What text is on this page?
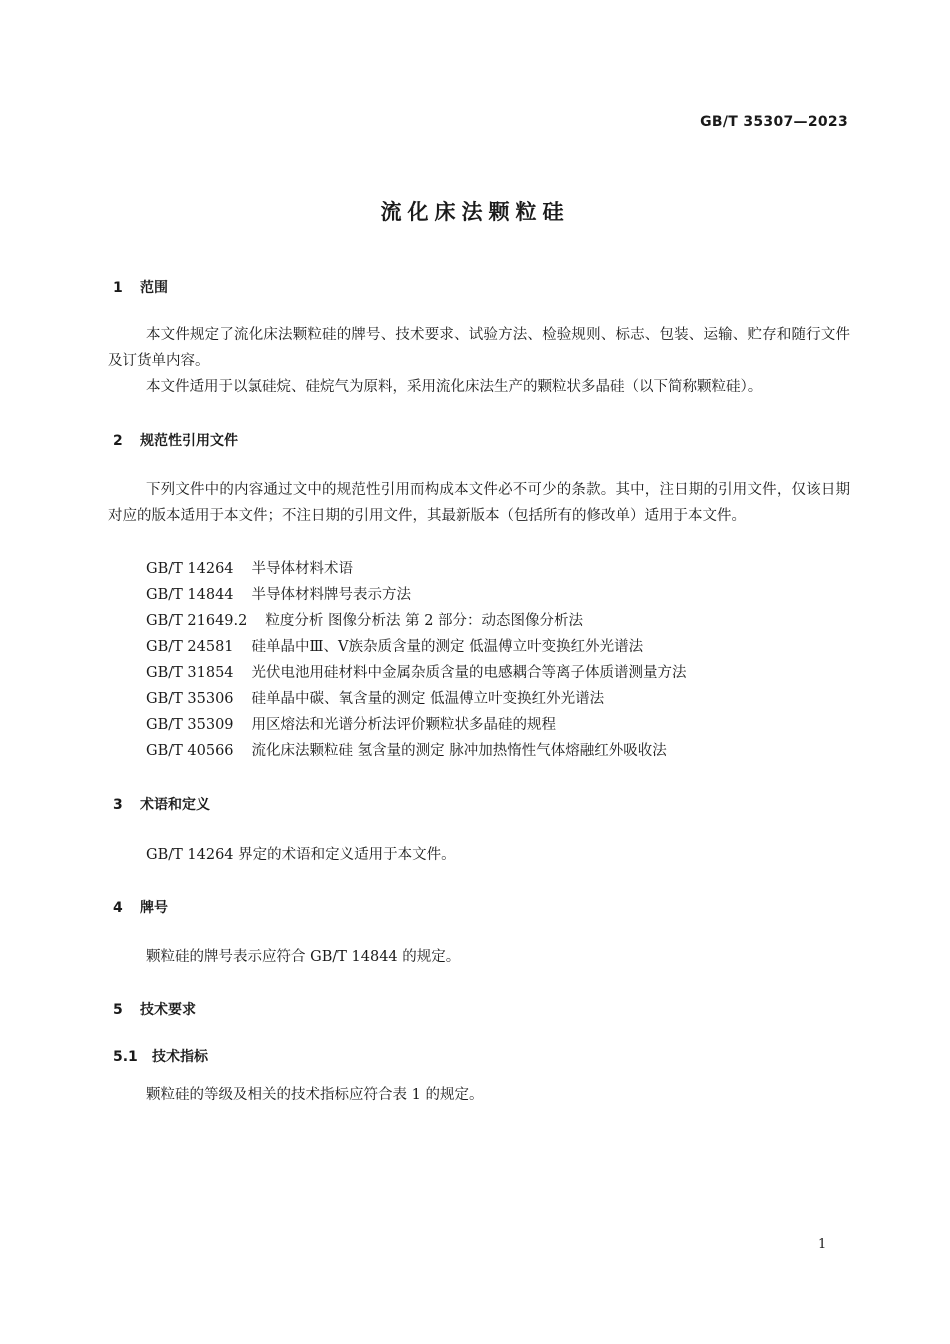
GB/T 35307—2023
流化床法颗粒硅
1 范围
本文件规定了流化床法颗粒硅的牌号、技术要求、试验方法、检验规则、标志、包装、运输、贮存和随行文件及订货单内容。
本文件适用于以氯硅烷、硅烷气为原料，采用流化床法生产的颗粒状多晶硅（以下简称颗粒硅）。
2 规范性引用文件
下列文件中的内容通过文中的规范性引用而构成本文件必不可少的条款。其中，注日期的引用文件，仅该日期对应的版本适用于本文件；不注日期的引用文件，其最新版本（包括所有的修改单）适用于本文件。
GB/T 14264 半导体材料术语
GB/T 14844 半导体材料牌号表示方法
GB/T 21649.2 粒度分析 图像分析法 第 2 部分：动态图像分析法
GB/T 24581 硅单晶中Ⅲ、Ⅴ族杂质含量的测定 低温傅立叶变换红外光谱法
GB/T 31854 光伏电池用硅材料中金属杂质含量的电感耦合等离子体质谱测量方法
GB/T 35306 硅单晶中碳、氧含量的测定 低温傅立叶变换红外光谱法
GB/T 35309 用区熔法和光谱分析法评价颗粒状多晶硅的规程
GB/T 40566 流化床法颗粒硅 氢含量的测定 脉冲加热惰性气体熔融红外吸收法
3 术语和定义
GB/T 14264 界定的术语和定义适用于本文件。
4 牌号
颗粒硅的牌号表示应符合 GB/T 14844 的规定。
5 技术要求
5.1 技术指标
颗粒硅的等级及相关的技术指标应符合表 1 的规定。
1
